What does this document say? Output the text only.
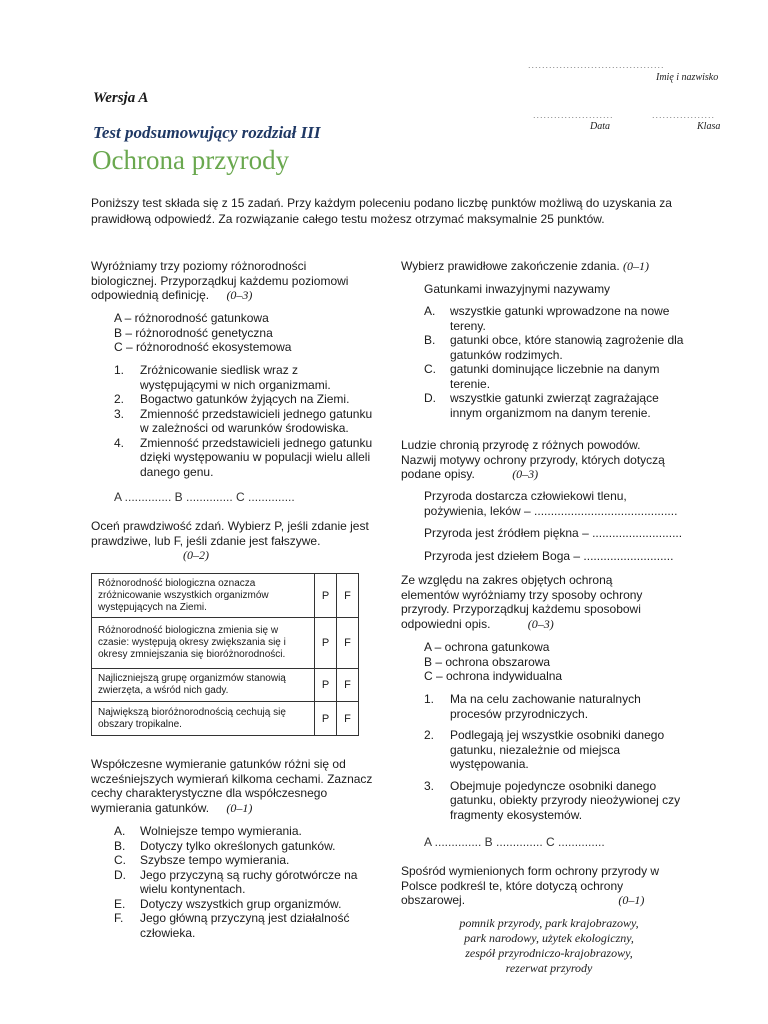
.......................................
Imię i nazwisko
.......................
Data
..................
Klasa
Wersja A
Test podsumowujący rozdział III
Ochrona przyrody
Poniższy test składa się z 15 zadań. Przy każdym poleceniu podano liczbę punktów możliwą do uzyskania za prawidłową odpowiedź. Za rozwiązanie całego testu możesz otrzymać maksymalnie 25 punktów.
Wyróżniamy trzy poziomy różnorodności biologicznej. Przyporządkuj każdemu poziomowi odpowiednią definicję. (0–3)
A – różnorodność gatunkowa
B – różnorodność genetyczna
C – różnorodność ekosystemowa
1. Zróżnicowanie siedlisk wraz z występującymi w nich organizmami.
2. Bogactwo gatunków żyjących na Ziemi.
3. Zmienność przedstawicieli jednego gatunku w zależności od warunków środowiska.
4. Zmienność przedstawicieli jednego gatunku dzięki występowaniu w populacji wielu alleli danego genu.
A .............. B .............. C ..............
Oceń prawdziwość zdań. Wybierz P, jeśli zdanie jest prawdziwe, lub F, jeśli zdanie jest fałszywe.
(0–2)
Różnorodność biologiczna oznacza zróżnicowanie wszystkich organizmów występujących na Ziemi.	P	F
Różnorodność biologiczna zmienia się w czasie: występują okresy zwiększania się i okresy zmniejszania się bioróżnorodności.	P	F
Najliczniejszą grupę organizmów stanowią zwierzęta, a wśród nich gady.	P	F
Największą bioróżnorodnością cechują się obszary tropikalne.	P	F
Współczesne wymieranie gatunków różni się od wcześniejszych wymierań kilkoma cechami. Zaznacz cechy charakterystyczne dla współczesnego wymierania gatunków. (0–1)
A. Wolniejsze tempo wymierania.
B. Dotyczy tylko określonych gatunków.
C. Szybsze tempo wymierania.
D. Jego przyczyną są ruchy górotwórcze na wielu kontynentach.
E. Dotyczy wszystkich grup organizmów.
F. Jego główną przyczyną jest działalność człowieka.
Wybierz prawidłowe zakończenie zdania. (0–1)
Gatunkami inwazyjnymi nazywamy
A. wszystkie gatunki wprowadzone na nowe tereny.
B. gatunki obce, które stanowią zagrożenie dla gatunków rodzimych.
C. gatunki dominujące liczebnie na danym terenie.
D. wszystkie gatunki zwierząt zagrażające innym organizmom na danym terenie.
Ludzie chronią przyrodę z różnych powodów. Nazwij motywy ochrony przyrody, których dotyczą podane opisy.	(0–3)
Przyroda dostarcza człowiekowi tlenu, pożywienia, leków – ...........................................
Przyroda jest źródłem piękna – ...........................
Przyroda jest dziełem Boga – ...........................
Ze względu na zakres objętych ochroną elementów wyróżniamy trzy sposoby ochrony przyrody. Przyporządkuj każdemu sposobowi odpowiedni opis.	(0–3)
A – ochrona gatunkowa
B – ochrona obszarowa
C – ochrona indywidualna
1. Ma na celu zachowanie naturalnych procesów przyrodniczych.
2. Podlegają jej wszystkie osobniki danego gatunku, niezależnie od miejsca występowania.
3. Obejmuje pojedyncze osobniki danego gatunku, obiekty przyrody nieożywionej czy fragmenty ekosystemów.
A .............. B .............. C ..............
Spośród wymienionych form ochrony przyrody w Polsce podkreśl te, które dotyczą ochrony obszarowej.	(0–1)
pomnik przyrody, park krajobrazowy,
park narodowy, użytek ekologiczny,
zespół przyrodniczo-krajobrazowy,
rezerwat przyrody
